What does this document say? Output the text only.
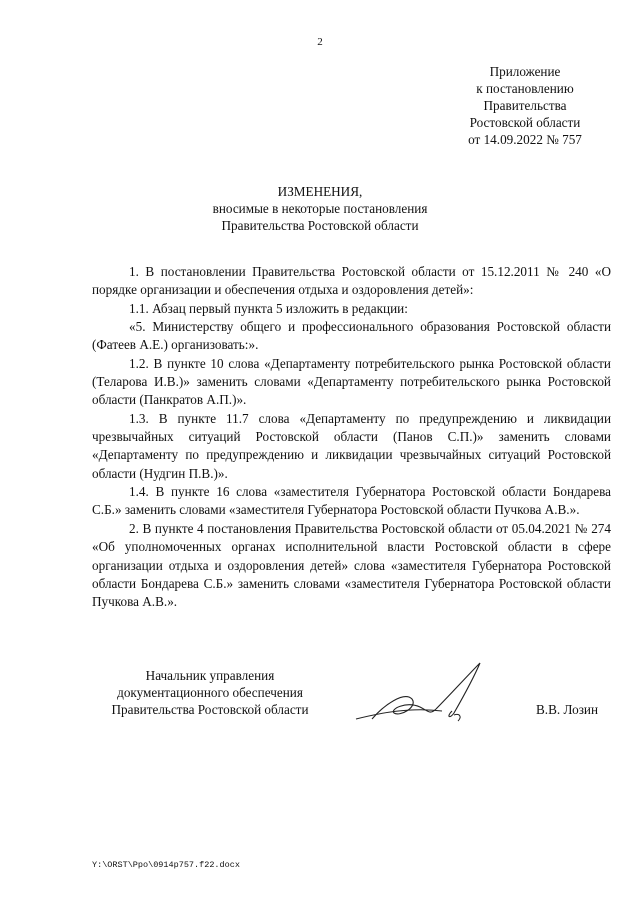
2
Приложение
к постановлению
Правительства
Ростовской области
от 14.09.2022 № 757
ИЗМЕНЕНИЯ,
вносимые в некоторые постановления
Правительства Ростовской области

1. В постановлении Правительства Ростовской области от 15.12.2011 № 240 «О порядке организации и обеспечения отдыха и оздоровления детей»:

1.1. Абзац первый пункта 5 изложить в редакции:

«5. Министерству общего и профессионального образования Ростовской области (Фатеев А.Е.) организовать:».

1.2. В пункте 10 слова «Департаменту потребительского рынка Ростовской области (Теларова И.В.)» заменить словами «Департаменту потребительского рынка Ростовской области (Панкратов А.П.)».

1.3. В пункте 11.7 слова «Департаменту по предупреждению и ликвидации чрезвычайных ситуаций Ростовской области (Панов С.П.)» заменить словами «Департаменту по предупреждению и ликвидации чрезвычайных ситуаций Ростовской области (Нудгин П.В.)».

1.4. В пункте 16 слова «заместителя Губернатора Ростовской области Бондарева С.Б.» заменить словами «заместителя Губернатора Ростовской области Пучкова А.В.».

2. В пункте 4 постановления Правительства Ростовской области от 05.04.2021 № 274 «Об уполномоченных органах исполнительной власти Ростовской области в сфере организации отдыха и оздоровления детей» слова «заместителя Губернатора Ростовской области Бондарева С.Б.» заменить словами «заместителя Губернатора Ростовской области Пучкова А.В.».

Начальник управления
документационного обеспечения
Правительства Ростовской области	В.В. Лозин
Y:\ORST\Ppo\0914p757.f22.docx
